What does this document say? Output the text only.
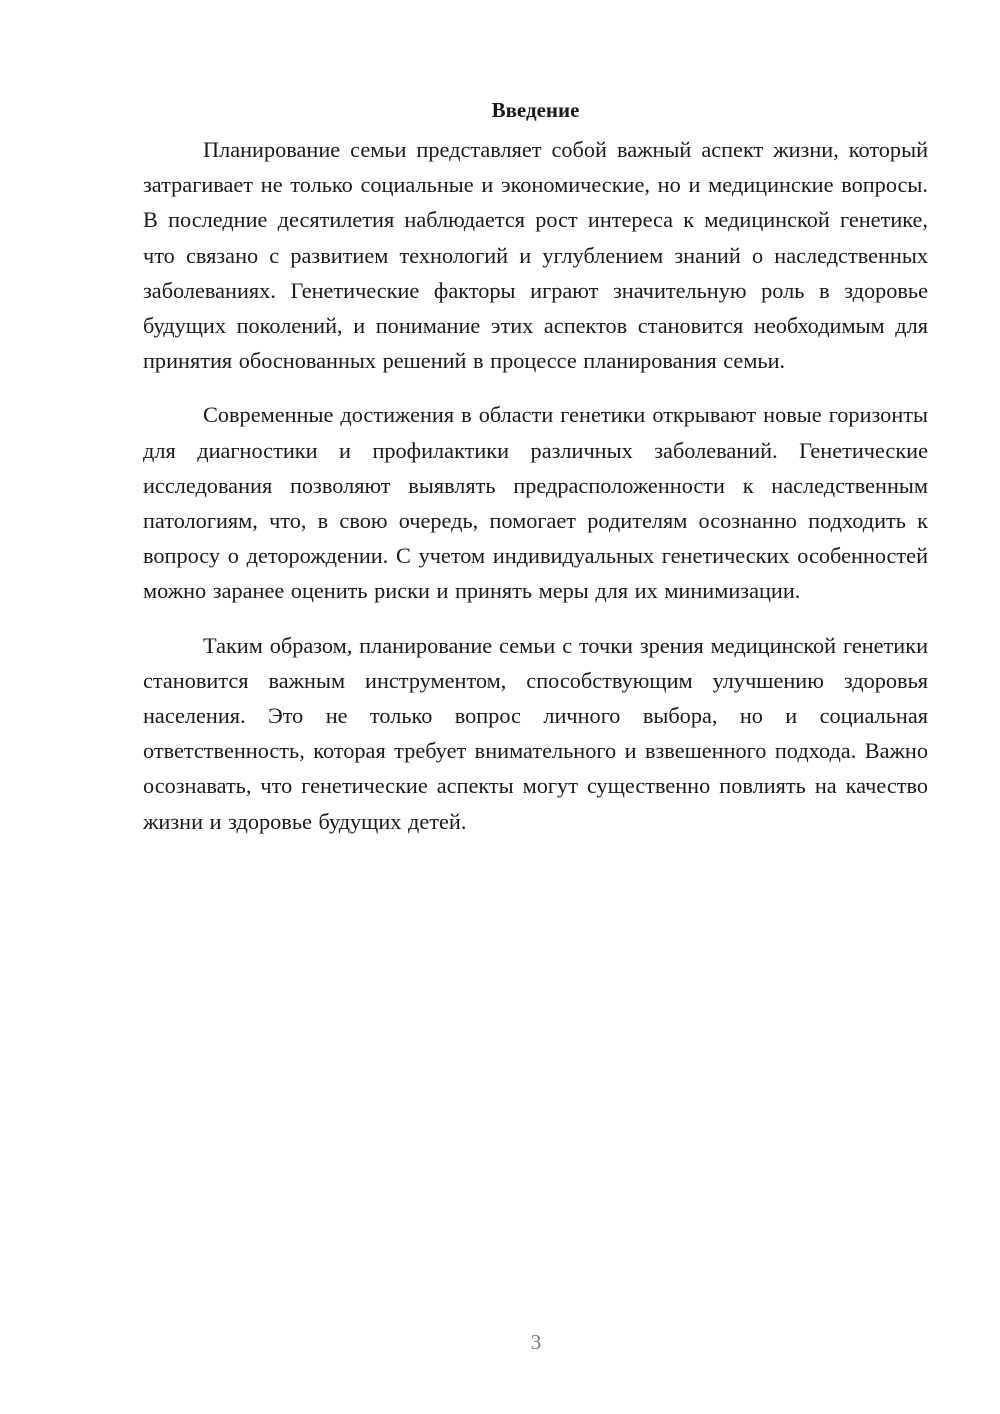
Введение

Планирование семьи представляет собой важный аспект жизни, который затрагивает не только социальные и экономические, но и медицинские вопросы. В последние десятилетия наблюдается рост интереса к медицинской генетике, что связано с развитием технологий и углублением знаний о наследственных заболеваниях. Генетические факторы играют значительную роль в здоровье будущих поколений, и понимание этих аспектов становится необходимым для принятия обоснованных решений в процессе планирования семьи.

Современные достижения в области генетики открывают новые горизонты для диагностики и профилактики различных заболеваний. Генетические исследования позволяют выявлять предрасположенности к наследственным патологиям, что, в свою очередь, помогает родителям осознанно подходить к вопросу о деторождении. С учетом индивидуальных генетических особенностей можно заранее оценить риски и принять меры для их минимизации.

Таким образом, планирование семьи с точки зрения медицинской генетики становится важным инструментом, способствующим улучшению здоровья населения. Это не только вопрос личного выбора, но и социальная ответственность, которая требует внимательного и взвешенного подхода. Важно осознавать, что генетические аспекты могут существенно повлиять на качество жизни и здоровье будущих детей.

3
